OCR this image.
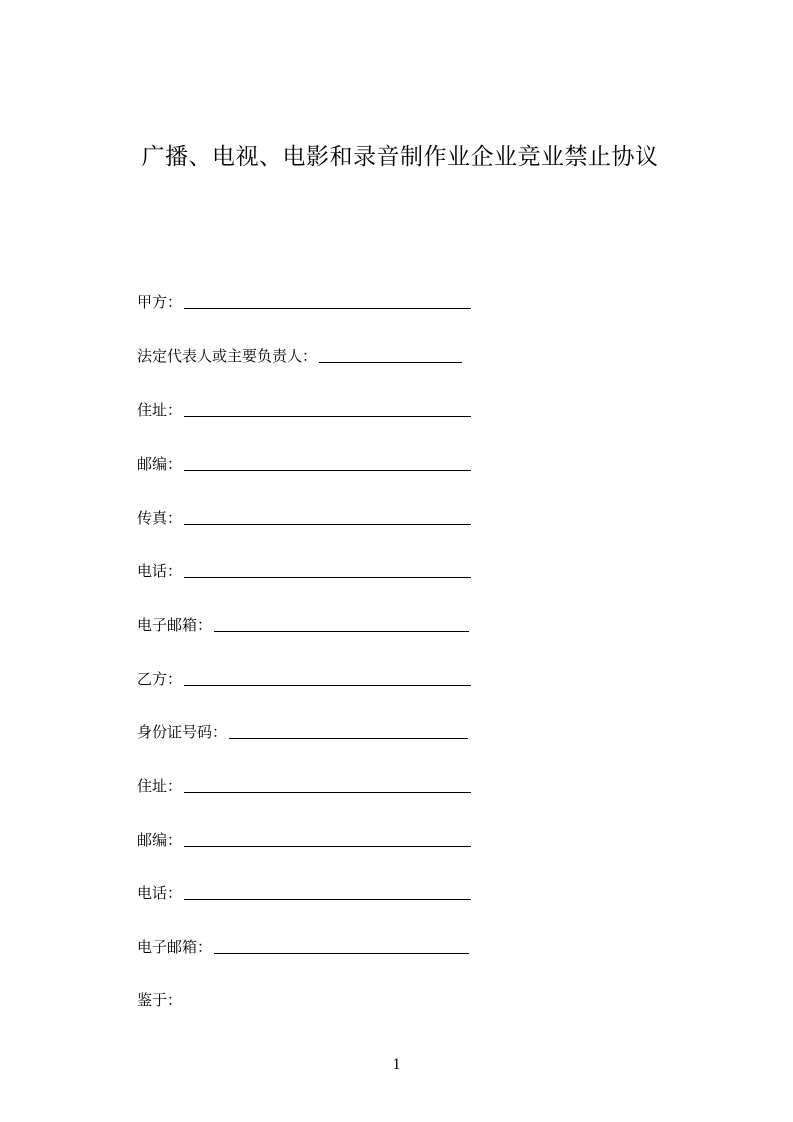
广播、电视、电影和录音制作业企业竞业禁止协议
甲方：
法定代表人或主要负责人：
住址：
邮编：
传真：
电话：
电子邮箱：
乙方：
身份证号码：
住址：
邮编：
电话：
电子邮箱：
鉴于：
1
